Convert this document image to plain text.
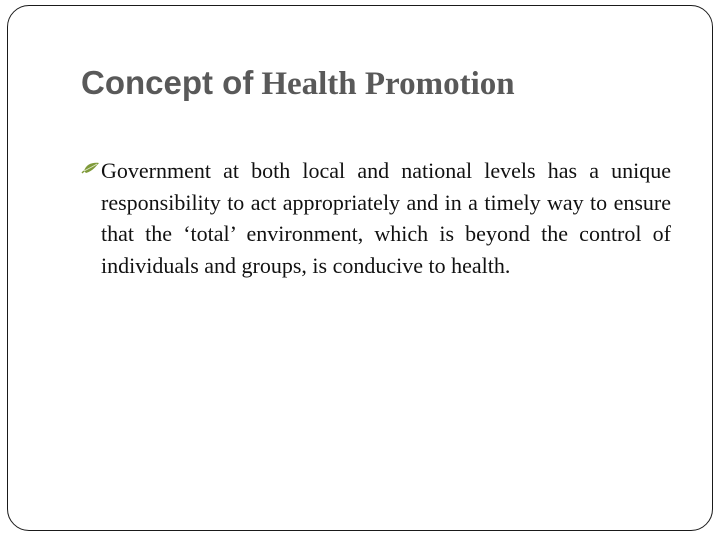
Concept of Health Promotion

Government at both local and national levels has a unique responsibility to act appropriately and in a timely way to ensure that the ‘total’ environment, which is beyond the control of individuals and groups, is conducive to health.
